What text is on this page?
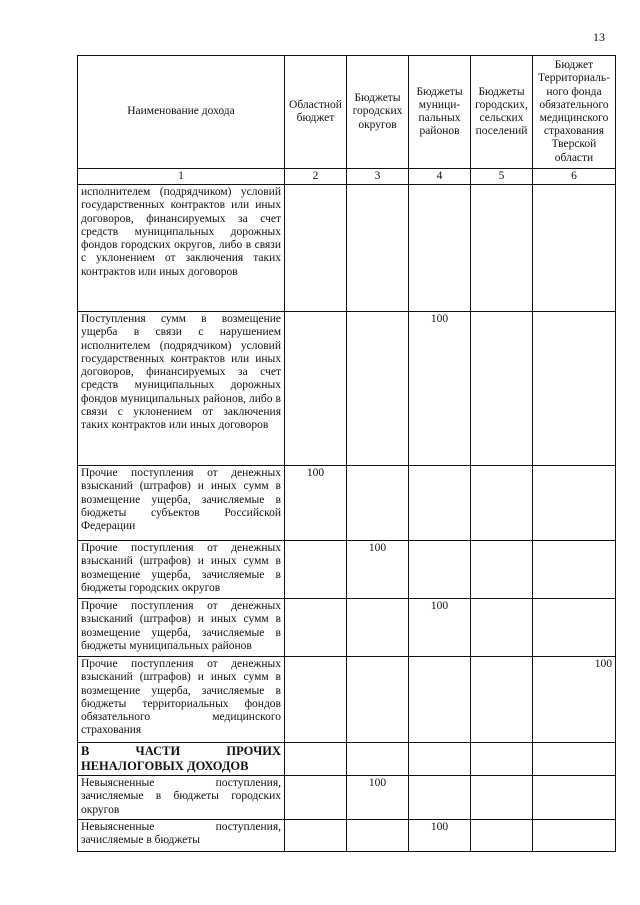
13
Наименование дохода	Областной бюджет	Бюджеты городских округов	Бюджеты муници- пальных районов	Бюджеты городских, сельских поселений	Бюджет Территориаль- ного фонда обязательного медицинского страхования Тверской области
1	2	3	4	5	6
исполнителем (подрядчиком) условий государственных контрактов или иных договоров, финансируемых за счет средств муниципальных дорожных фондов городских округов, либо в связи с уклонением от заключения таких контрактов или иных договоров					
Поступления сумм в возмещение ущерба в связи с нарушением исполнителем (подрядчиком) условий государственных контрактов или иных договоров, финансируемых за счет средств муниципальных дорожных фондов муниципальных районов, либо в связи с уклонением от заключения таких контрактов или иных договоров			100		
Прочие поступления от денежных взысканий (штрафов) и иных сумм в возмещение ущерба, зачисляемые в бюджеты субъектов Российской Федерации	100				
Прочие поступления от денежных взысканий (штрафов) и иных сумм в возмещение ущерба, зачисляемые в бюджеты городских округов		100			
Прочие поступления от денежных взысканий (штрафов) и иных сумм в возмещение ущерба, зачисляемые в бюджеты муниципальных районов			100		
Прочие поступления от денежных взысканий (штрафов) и иных сумм в возмещение ущерба, зачисляемые в бюджеты территориальных фондов обязательного медицинского страхования					100

В ЧАСТИ ПРОЧИХ
НЕНАЛОГОВЫХ ДОХОДОВ					

Невыясненные поступления, зачисляемые в бюджеты городских округов		100			
Невыясненные поступления, зачисляемые в бюджеты			100		
